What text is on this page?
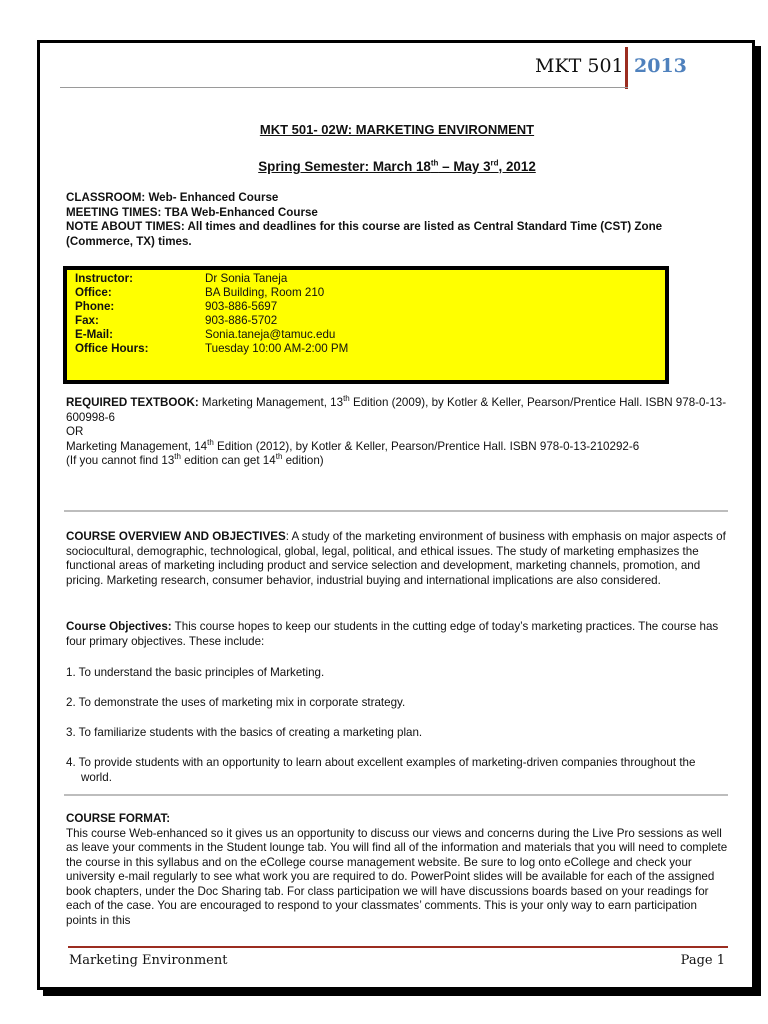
MKT 501 2013
MKT 501- 02W: MARKETING ENVIRONMENT
Spring Semester: March 18th – May 3rd, 2012
CLASSROOM: Web- Enhanced Course
MEETING TIMES: TBA Web-Enhanced Course
NOTE ABOUT TIMES: All times and deadlines for this course are listed as Central Standard Time (CST) Zone (Commerce, TX) times.
Instructor:	Dr Sonia Taneja
Office:	BA Building, Room 210
Phone:	903-886-5697
Fax:	903-886-5702
E-Mail:	Sonia.taneja@tamuc.edu
Office Hours:	Tuesday 10:00 AM-2:00 PM
REQUIRED TEXTBOOK: Marketing Management, 13th Edition (2009), by Kotler & Keller, Pearson/Prentice Hall. ISBN 978-0-13-600998-6
OR
Marketing Management, 14th Edition (2012), by Kotler & Keller, Pearson/Prentice Hall. ISBN 978-0-13-210292-6
(If you cannot find 13th edition can get 14th edition)
COURSE OVERVIEW AND OBJECTIVES: A study of the marketing environment of business with emphasis on major aspects of sociocultural, demographic, technological, global, legal, political, and ethical issues. The study of marketing emphasizes the functional areas of marketing including product and service selection and development, marketing channels, promotion, and pricing. Marketing research, consumer behavior, industrial buying and international implications are also considered.
Course Objectives: This course hopes to keep our students in the cutting edge of today’s marketing practices. The course has four primary objectives. These include:
1. To understand the basic principles of Marketing.
2. To demonstrate the uses of marketing mix in corporate strategy.
3. To familiarize students with the basics of creating a marketing plan.
4. To provide students with an opportunity to learn about excellent examples of marketing-driven companies throughout the world.
COURSE FORMAT:
This course Web-enhanced so it gives us an opportunity to discuss our views and concerns during the Live Pro sessions as well as leave your comments in the Student lounge tab. You will find all of the information and materials that you will need to complete the course in this syllabus and on the eCollege course management website. Be sure to log onto eCollege and check your university e-mail regularly to see what work you are required to do. PowerPoint slides will be available for each of the assigned book chapters, under the Doc Sharing tab. For class participation we will have discussions boards based on your readings for each of the case. You are encouraged to respond to your classmates’ comments. This is your only way to earn participation points in this
Marketing Environment	Page 1
